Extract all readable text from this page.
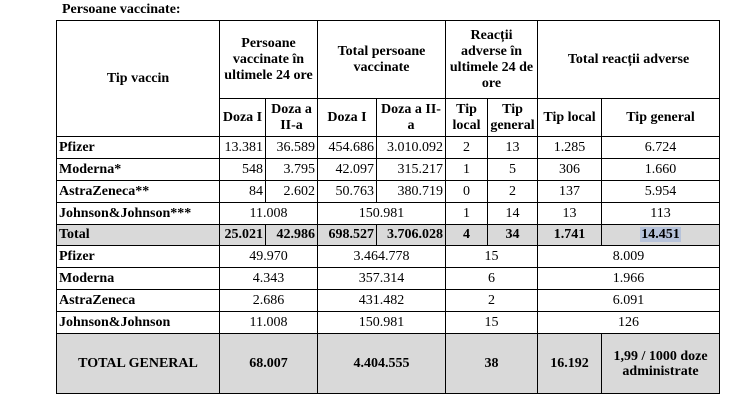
Persoane vaccinate:
Tip vaccin	Persoane vaccinate în ultimele 24 ore		Total persoane vaccinate		Reacții adverse în ultimele 24 de ore		Total reacții adverse	
	Doza I	Doza a II-a	Doza I	Doza a II-a	Tip local	Tip general	Tip local	Tip general
Pfizer	13.381	36.589	454.686	3.010.092	2	13	1.285	6.724
Moderna*	548	3.795	42.097	315.217	1	5	306	1.660
AstraZeneca**	84	2.602	50.763	380.719	0	2	137	5.954
Johnson&Johnson***	11.008		150.981		1	14	13	113
Total	25.021	42.986	698.527	3.706.028	4	34	1.741	14.451
Pfizer	49.970		3.464.778		15		8.009	
Moderna	4.343		357.314		6		1.966	
AstraZeneca	2.686		431.482		2		6.091	
Johnson&Johnson	11.008		150.981		15		126	
TOTAL GENERAL	68.007		4.404.555		38		16.192	1,99 / 1000 doze administrate
